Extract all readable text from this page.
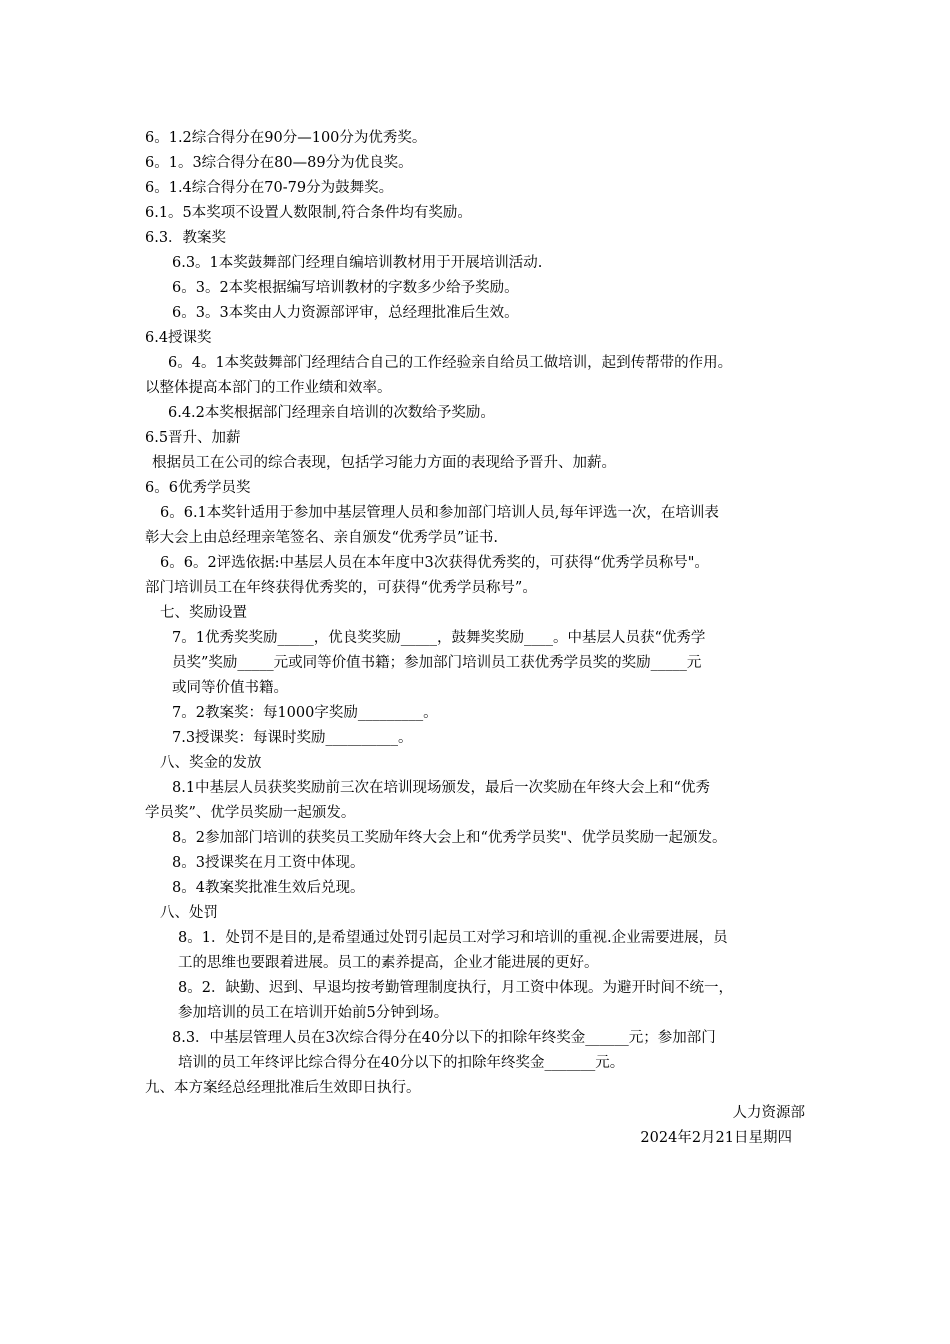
6。1.2综合得分在90分—100分为优秀奖。
6。1。3综合得分在80—89分为优良奖。
6。1.4综合得分在70-79分为鼓舞奖。
6.1。5本奖项不设置人数限制,符合条件均有奖励。
6.3．教案奖
6.3。1本奖鼓舞部门经理自编培训教材用于开展培训活动.
6。3。2本奖根据编写培训教材的字数多少给予奖励。
6。3。3本奖由人力资源部评审，总经理批准后生效。
6.4授课奖
6。4。1本奖鼓舞部门经理结合自己的工作经验亲自给员工做培训，起到传帮带的作用。
以整体提高本部门的工作业绩和效率。
6.4.2本奖根据部门经理亲自培训的次数给予奖励。
6.5晋升、加薪
根据员工在公司的综合表现，包括学习能力方面的表现给予晋升、加薪。
6。6优秀学员奖
6。6.1本奖针适用于参加中基层管理人员和参加部门培训人员,每年评选一次，在培训表
彰大会上由总经理亲笔签名、亲自颁发“优秀学员”证书.
6。6。2评选依据:中基层人员在本年度中3次获得优秀奖的，可获得“优秀学员称号"。
部门培训员工在年终获得优秀奖的，可获得“优秀学员称号”。
七、奖励设置
7。1优秀奖奖励_____，优良奖奖励_____，鼓舞奖奖励____。中基层人员获“优秀学
员奖”奖励_____元或同等价值书籍；参加部门培训员工获优秀学员奖的奖励_____元
或同等价值书籍。
7。2教案奖：每1000字奖励_________。
7.3授课奖：每课时奖励__________。
八、奖金的发放
8.1中基层人员获奖奖励前三次在培训现场颁发，最后一次奖励在年终大会上和“优秀
学员奖”、优学员奖励一起颁发。
8。2参加部门培训的获奖员工奖励年终大会上和“优秀学员奖"、优学员奖励一起颁发。
8。3授课奖在月工资中体现。
8。4教案奖批准生效后兑现。
八、处罚
8。1．处罚不是目的,是希望通过处罚引起员工对学习和培训的重视.企业需要进展，员
工的思维也要跟着进展。员工的素养提高，企业才能进展的更好。
8。2．缺勤、迟到、早退均按考勤管理制度执行，月工资中体现。为避开时间不统一，
参加培训的员工在培训开始前5分钟到场。
8.3．中基层管理人员在3次综合得分在40分以下的扣除年终奖金______元；参加部门
培训的员工年终评比综合得分在40分以下的扣除年终奖金_______元。
九、本方案经总经理批准后生效即日执行。
人力资源部
2024年2月21日星期四
